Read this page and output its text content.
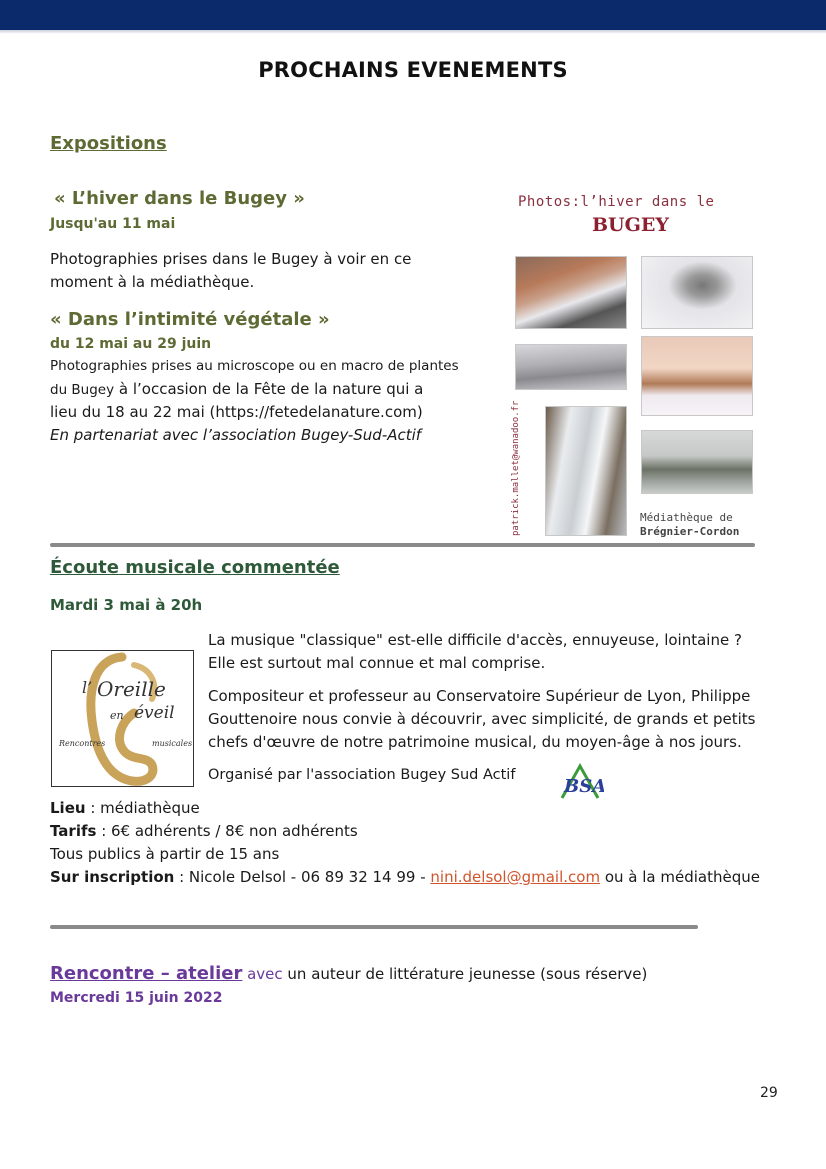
PROCHAINS EVENEMENTS
Expositions
« L’hiver dans le Bugey »
Jusqu'au 11 mai
Photographies prises dans le Bugey à voir en ce
moment à la médiathèque.
« Dans l’intimité végétale »
du 12 mai au 29 juin
Photographies prises au microscope ou en macro de plantes
du Bugey à l’occasion de la Fête de la nature qui a
lieu du 18 au 22 mai (https://fetedelanature.com)
En partenariat avec l’association Bugey-Sud-Actif
Photos:l’hiver dans le
BUGEY
patrick.mallet@wanadoo.fr	Médiathèque de
Brégnier-Cordon
Écoute musicale commentée
Mardi 3 mai à 20h
l’ Oreille
en éveil
Rencontres	musicales
La musique "classique" est-elle difficile d'accès, ennuyeuse, lointaine ?
Elle est surtout mal connue et mal comprise.
Compositeur et professeur au Conservatoire Supérieur de Lyon, Philippe
Gouttenoire nous convie à découvrir, avec simplicité, de grands et petits
chefs d'œuvre de notre patrimoine musical, du moyen-âge à nos jours.
Organisé par l'association Bugey Sud Actif
BSA
Lieu : médiathèque
Tarifs : 6€ adhérents / 8€ non adhérents
Tous publics à partir de 15 ans
Sur inscription : Nicole Delsol - 06 89 32 14 99 - nini.delsol@gmail.com ou à la médiathèque
Rencontre – atelier avec un auteur de littérature jeunesse (sous réserve)
Mercredi 15 juin 2022
29
